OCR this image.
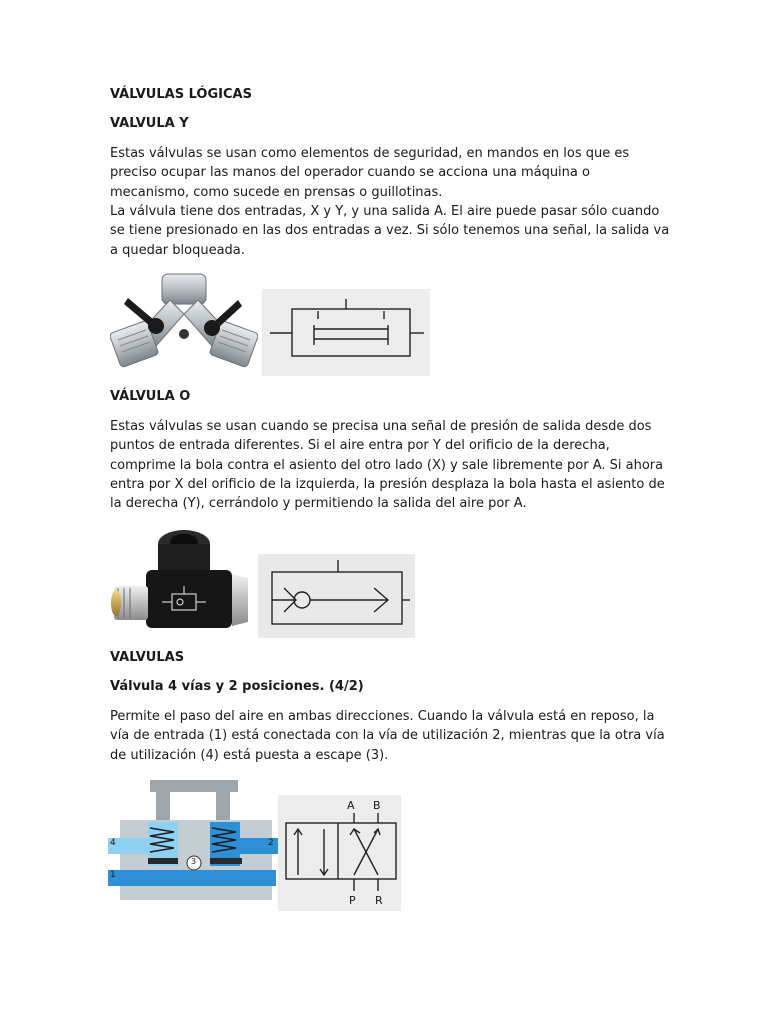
VÁLVULAS LÓGICAS
VALVULA Y

Estas válvulas se usan como elementos de seguridad, en mandos en los que es preciso ocupar las manos del operador cuando se acciona una máquina o mecanismo, como sucede en prensas o guillotinas.

La válvula tiene dos entradas, X y Y, y una salida A. El aire puede pasar sólo cuando se tiene presionado en las dos entradas a vez. Si sólo tenemos una señal, la salida va a quedar bloqueada.

VÁLVULA O

Estas válvulas se usan cuando se precisa una señal de presión de salida desde dos puntos de entrada diferentes. Si el aire entra por Y del orificio de la derecha, comprime la bola contra el asiento del otro lado (X) y sale libremente por A. Si ahora entra por X del orificio de la izquierda, la presión desplaza la bola hasta el asiento de la derecha (Y), cerrándolo y permitiendo la salida del aire por A.

VALVULAS
Válvula 4 vías y 2 posiciones. (4/2)

Permite el paso del aire en ambas direcciones. Cuando la válvula está en reposo, la vía de entrada (1) está conectada con la vía de utilización 2, mientras que la otra vía de utilización (4) está puesta a escape (3).

4
1
2
3
A B
P R
